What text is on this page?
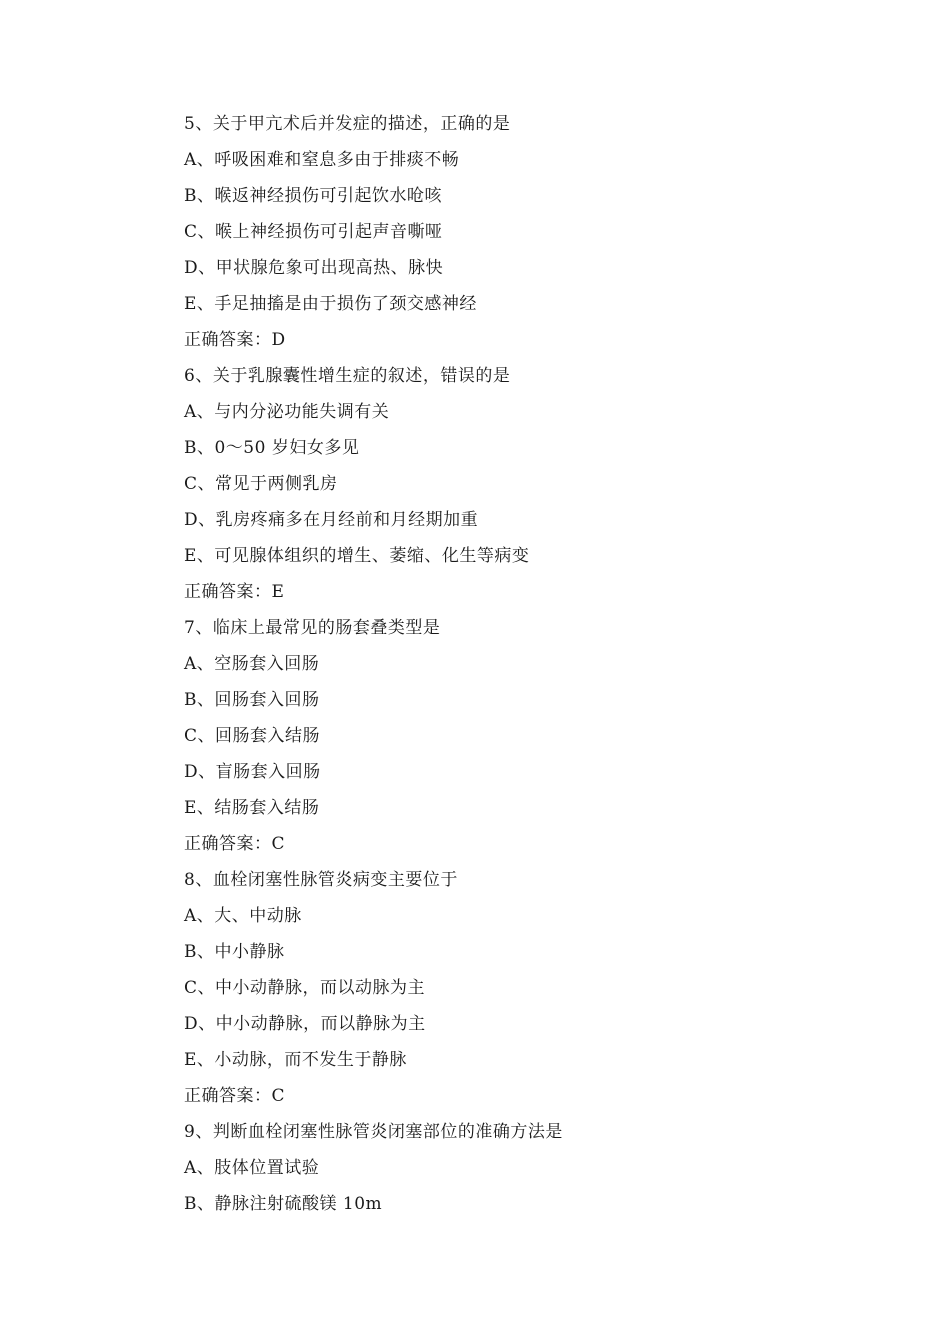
5、关于甲亢术后并发症的描述，正确的是
A、呼吸困难和窒息多由于排痰不畅
B、喉返神经损伤可引起饮水呛咳
C、喉上神经损伤可引起声音嘶哑
D、甲状腺危象可出现高热、脉快
E、手足抽搐是由于损伤了颈交感神经
正确答案：D
6、关于乳腺囊性增生症的叙述，错误的是
A、与内分泌功能失调有关
B、0～50 岁妇女多见
C、常见于两侧乳房
D、乳房疼痛多在月经前和月经期加重
E、可见腺体组织的增生、萎缩、化生等病变
正确答案：E
7、临床上最常见的肠套叠类型是
A、空肠套入回肠
B、回肠套入回肠
C、回肠套入结肠
D、盲肠套入回肠
E、结肠套入结肠
正确答案：C
8、血栓闭塞性脉管炎病变主要位于
A、大、中动脉
B、中小静脉
C、中小动静脉，而以动脉为主
D、中小动静脉，而以静脉为主
E、小动脉，而不发生于静脉
正确答案：C
9、判断血栓闭塞性脉管炎闭塞部位的准确方法是
A、肢体位置试验
B、静脉注射硫酸镁 10m
